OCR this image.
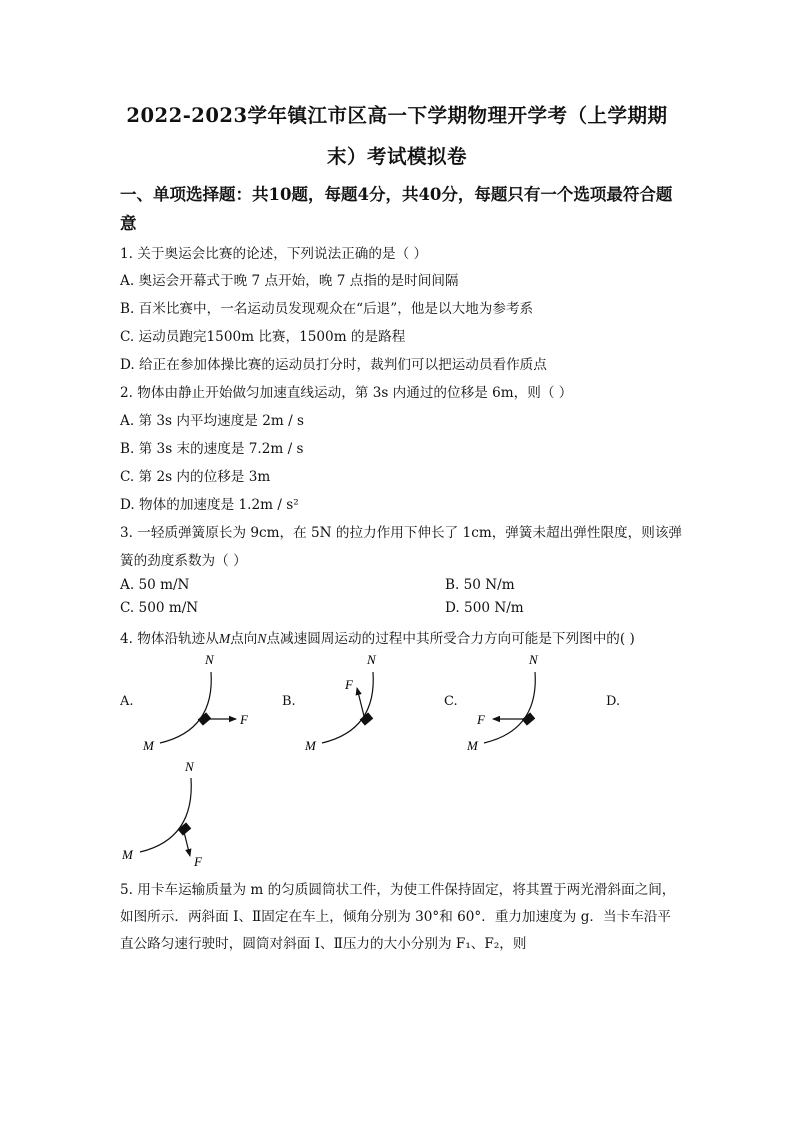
2022-2023学年镇江市区高一下学期物理开学考（上学期期
末）考试模拟卷
一、单项选择题：共10题，每题4分，共40分，每题只有一个选项最符合题
意
1. 关于奥运会比赛的论述，下列说法正确的是（ ）
A. 奥运会开幕式于晚 7 点开始，晚 7 点指的是时间间隔
B. 百米比赛中，一名运动员发现观众在“后退”，他是以大地为参考系
C. 运动员跑完1500m 比赛，1500m 的是路程
D. 给正在参加体操比赛的运动员打分时，裁判们可以把运动员看作质点
2. 物体由静止开始做匀加速直线运动，第 3s 内通过的位移是 6m，则（ ）
A. 第 3s 内平均速度是 2m / s
B. 第 3s 末的速度是 7.2m / s
C. 第 2s 内的位移是 3m
D. 物体的加速度是 1.2m / s²
3. 一轻质弹簧原长为 9cm，在 5N 的拉力作用下伸长了 1cm，弹簧未超出弹性限度，则该弹
簧的劲度系数为（ ）
A. 50 m/N	B. 50 N/m
C. 500 m/N	D. 500 N/m
4. 物体沿轨迹从M点向N点减速圆周运动的过程中其所受合力方向可能是下列图中的( )
A.	B.	C.	D.
N
M
F
N
M
F
N
M
F
N
M	F
5. 用卡车运输质量为 m 的匀质圆筒状工件，为使工件保持固定，将其置于两光滑斜面之间，
如图所示．两斜面 I、Ⅱ固定在车上，倾角分别为 30°和 60°．重力加速度为 g．当卡车沿平
直公路匀速行驶时，圆筒对斜面 I、Ⅱ压力的大小分别为 F₁、F₂，则
